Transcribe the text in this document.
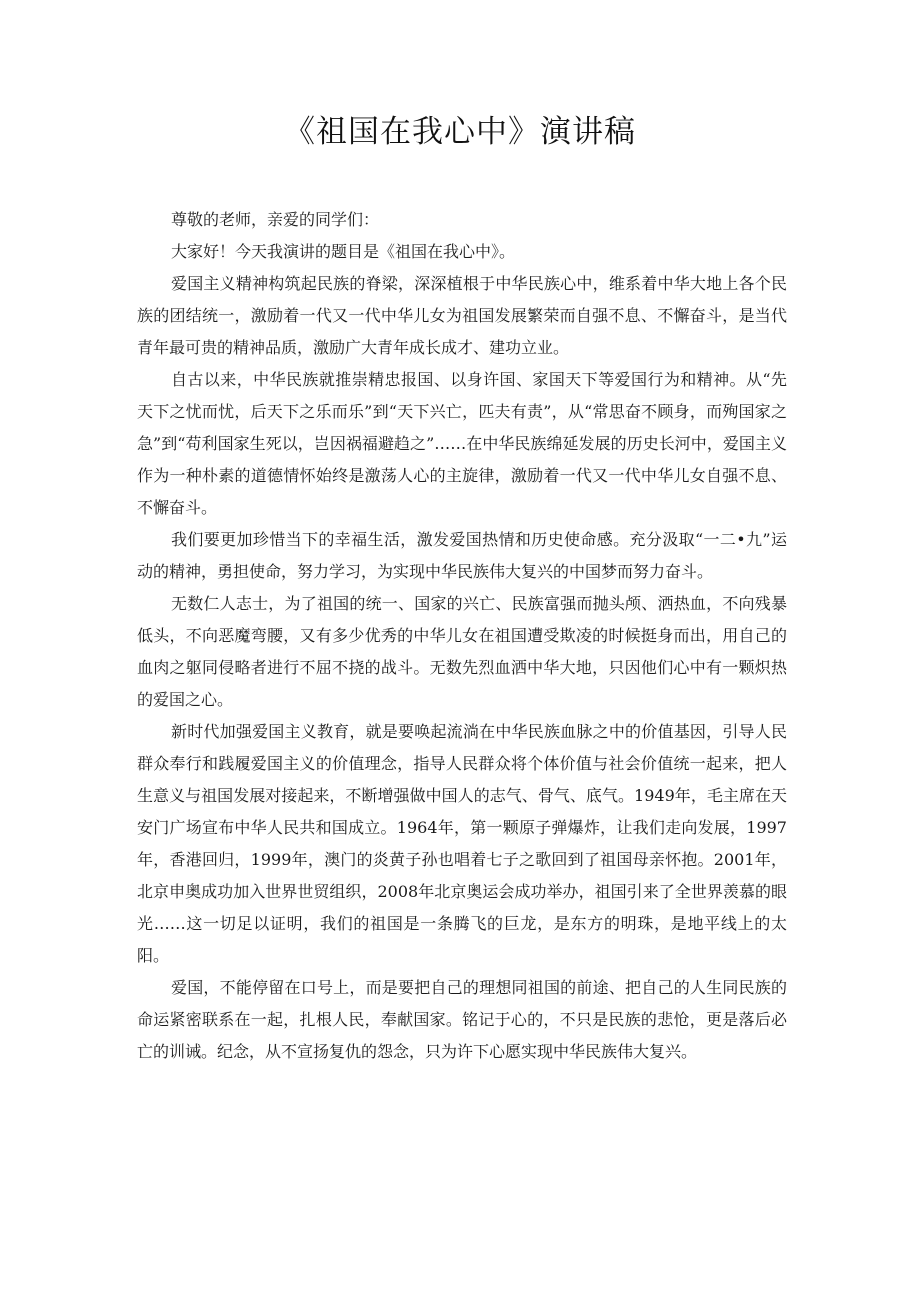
《祖国在我心中》演讲稿

尊敬的老师，亲爱的同学们：

大家好！今天我演讲的题目是《祖国在我心中》。

爱国主义精神构筑起民族的脊梁，深深植根于中华民族心中，维系着中华大地上各个民族的团结统一，激励着一代又一代中华儿女为祖国发展繁荣而自强不息、不懈奋斗，是当代青年最可贵的精神品质，激励广大青年成长成才、建功立业。

自古以来，中华民族就推崇精忠报国、以身许国、家国天下等爱国行为和精神。从“先天下之忧而忧，后天下之乐而乐”到“天下兴亡，匹夫有责”，从“常思奋不顾身，而殉国家之急”到“苟利国家生死以，岂因祸福避趋之”……在中华民族绵延发展的历史长河中，爱国主义作为一种朴素的道德情怀始终是激荡人心的主旋律，激励着一代又一代中华儿女自强不息、不懈奋斗。

我们要更加珍惜当下的幸福生活，激发爱国热情和历史使命感。充分汲取“一二•九”运动的精神，勇担使命，努力学习，为实现中华民族伟大复兴的中国梦而努力奋斗。

无数仁人志士，为了祖国的统一、国家的兴亡、民族富强而抛头颅、洒热血，不向残暴低头，不向恶魔弯腰，又有多少优秀的中华儿女在祖国遭受欺凌的时候挺身而出，用自己的血肉之躯同侵略者进行不屈不挠的战斗。无数先烈血洒中华大地，只因他们心中有一颗炽热的爱国之心。

新时代加强爱国主义教育，就是要唤起流淌在中华民族血脉之中的价值基因，引导人民群众奉行和践履爱国主义的价值理念，指导人民群众将个体价值与社会价值统一起来，把人生意义与祖国发展对接起来，不断增强做中国人的志气、骨气、底气。1949年，毛主席在天安门广场宣布中华人民共和国成立。1964年，第一颗原子弹爆炸，让我们走向发展，1997年，香港回归，1999年，澳门的炎黄子孙也唱着七子之歌回到了祖国母亲怀抱。2001年，北京申奥成功加入世界世贸组织，2008年北京奥运会成功举办，祖国引来了全世界羡慕的眼光……这一切足以证明，我们的祖国是一条腾飞的巨龙，是东方的明珠，是地平线上的太阳。

爱国，不能停留在口号上，而是要把自己的理想同祖国的前途、把自己的人生同民族的命运紧密联系在一起，扎根人民，奉献国家。铭记于心的，不只是民族的悲怆，更是落后必亡的训诫。纪念，从不宣扬复仇的怨念，只为许下心愿实现中华民族伟大复兴。
